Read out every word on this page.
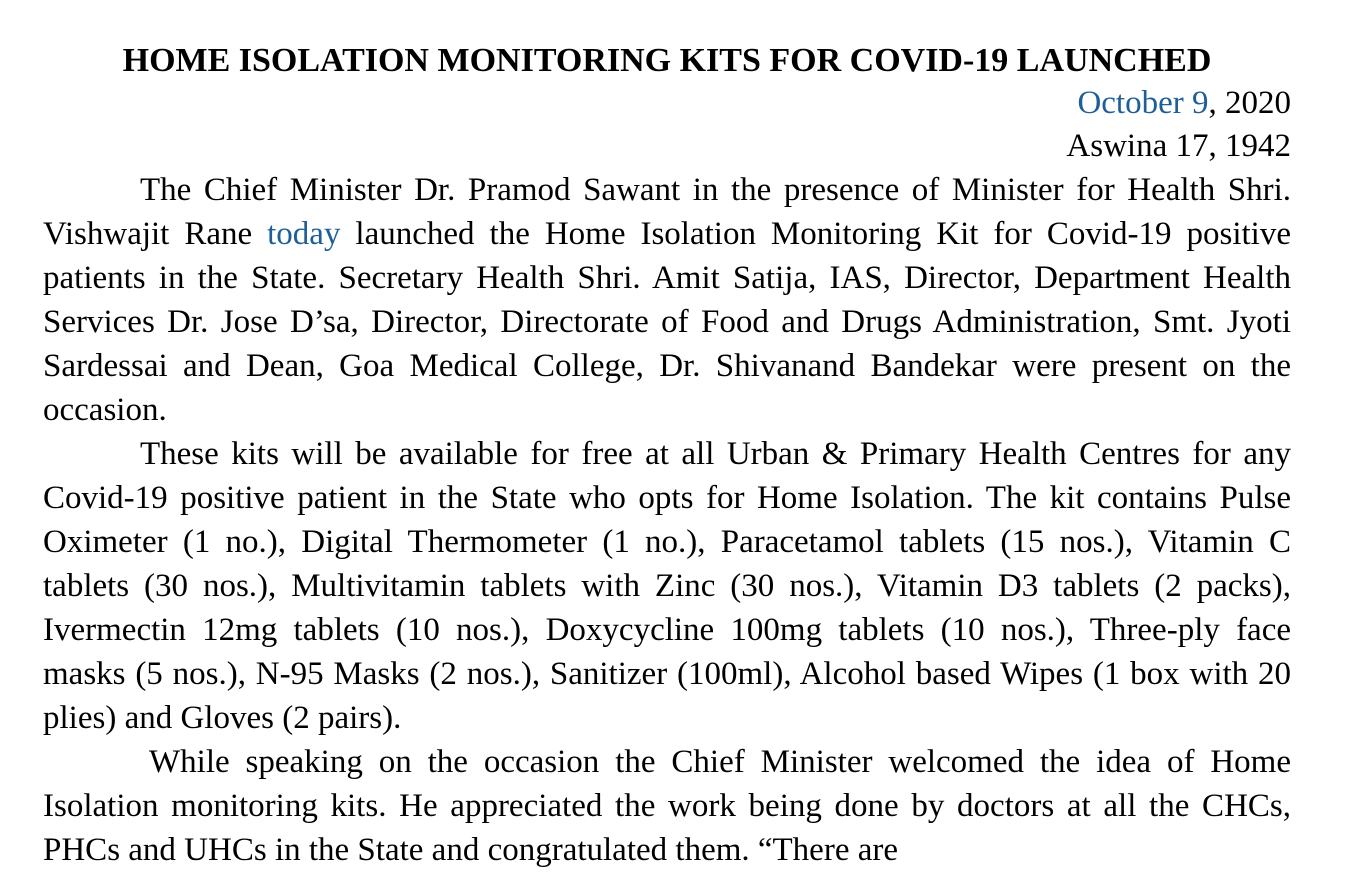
HOME ISOLATION MONITORING KITS FOR COVID-19 LAUNCHED
October 9, 2020
Aswina 17, 1942

The Chief Minister Dr. Pramod Sawant in the presence of Minister for Health Shri. Vishwajit Rane today launched the Home Isolation Monitoring Kit for Covid-19 positive patients in the State. Secretary Health Shri. Amit Satija, IAS, Director, Department Health Services Dr. Jose D’sa, Director, Directorate of Food and Drugs Administration, Smt. Jyoti Sardessai and Dean, Goa Medical College, Dr. Shivanand Bandekar were present on the occasion.

These kits will be available for free at all Urban & Primary Health Centres for any Covid-19 positive patient in the State who opts for Home Isolation. The kit contains Pulse Oximeter (1 no.), Digital Thermometer (1 no.), Paracetamol tablets (15 nos.), Vitamin C tablets (30 nos.), Multivitamin tablets with Zinc (30 nos.), Vitamin D3 tablets (2 packs), Ivermectin 12mg tablets (10 nos.), Doxycycline 100mg tablets (10 nos.), Three-ply face masks (5 nos.), N-95 Masks (2 nos.), Sanitizer (100ml), Alcohol based Wipes (1 box with 20 plies) and Gloves (2 pairs).

While speaking on the occasion the Chief Minister welcomed the idea of Home Isolation monitoring kits. He appreciated the work being done by doctors at all the CHCs, PHCs and UHCs in the State and congratulated them. “There are
